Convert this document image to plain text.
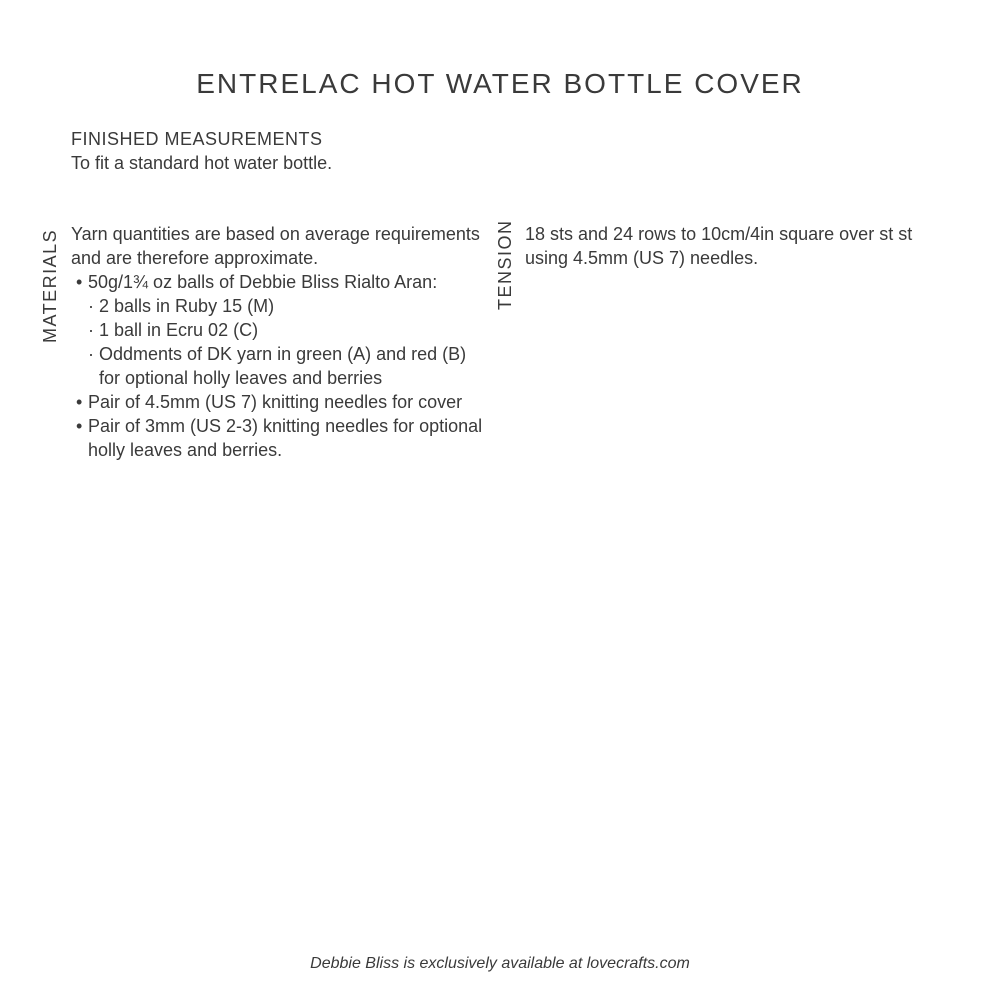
ENTRELAC HOT WATER BOTTLE COVER
FINISHED MEASUREMENTS
To fit a standard hot water bottle.
MATERIALS Yarn quantities are based on average requirements and are therefore approximate.

• 50g/1¾ oz balls of Debbie Bliss Rialto Aran:
· 2 balls in Ruby 15 (M)
· 1 ball in Ecru 02 (C)
· Oddments of DK yarn in green (A) and red (B) for optional holly leaves and berries
• Pair of 4.5mm (US 7) knitting needles for cover
• Pair of 3mm (US 2-3) knitting needles for optional holly leaves and berries.
TENSION 18 sts and 24 rows to 10cm/4in square over st st using 4.5mm (US 7) needles.

Debbie Bliss is exclusively available at lovecrafts.com
